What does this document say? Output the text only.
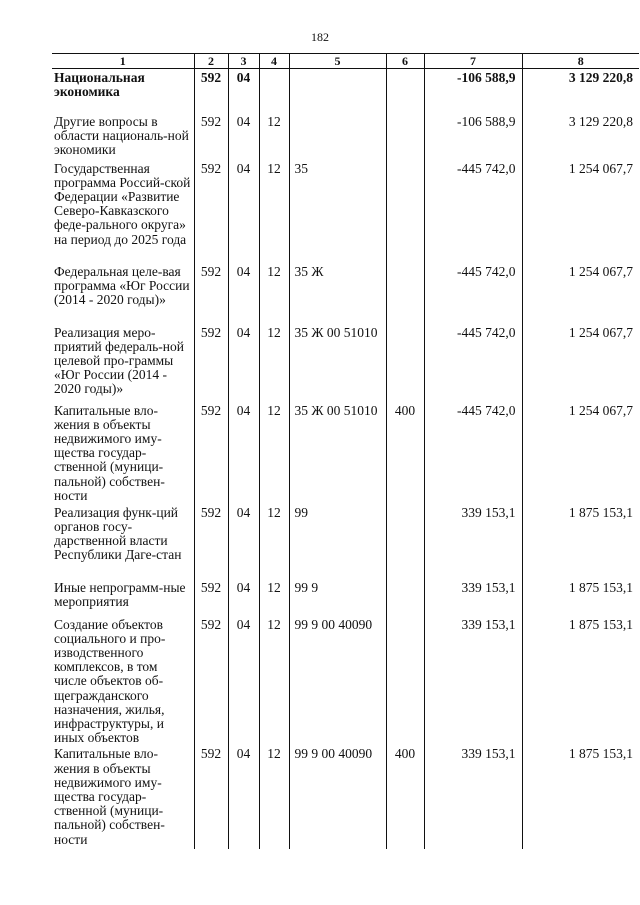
182
1	2	3	4	5	6	7	8
Национальная экономика	592	04				-106 588,9	3 129 220,8
Другие вопросы в области националь-ной экономики	592	04	12			-106 588,9	3 129 220,8
Государственная программа Россий-ской Федерации «Развитие Северо-Кавказского феде-рального округа» на период до 2025 года	592	04	12	35		-445 742,0	1 254 067,7
Федеральная целе-вая программа «Юг России (2014 - 2020 годы)»	592	04	12	35 Ж		-445 742,0	1 254 067,7
Реализация меро-приятий федераль-ной целевой про-граммы «Юг России (2014 - 2020 годы)»	592	04	12	35 Ж 00 51010		-445 742,0	1 254 067,7
Капитальные вло-жения в объекты недвижимого иму-щества государ-ственной (муници-пальной) собствен-ности	592	04	12	35 Ж 00 51010	400	-445 742,0	1 254 067,7
Реализация функ-ций органов госу-дарственной власти Республики Даге-стан	592	04	12	99		339 153,1	1 875 153,1
Иные непрограмм-ные мероприятия	592	04	12	99 9		339 153,1	1 875 153,1
Создание объектов социального и про-изводственного комплексов, в том числе объектов об-щегражданского назначения, жилья, инфраструктуры, и иных объектов	592	04	12	99 9 00 40090		339 153,1	1 875 153,1
Капитальные вло-жения в объекты недвижимого иму-щества государ-ственной (муници-пальной) собствен-ности	592	04	12	99 9 00 40090	400	339 153,1	1 875 153,1
